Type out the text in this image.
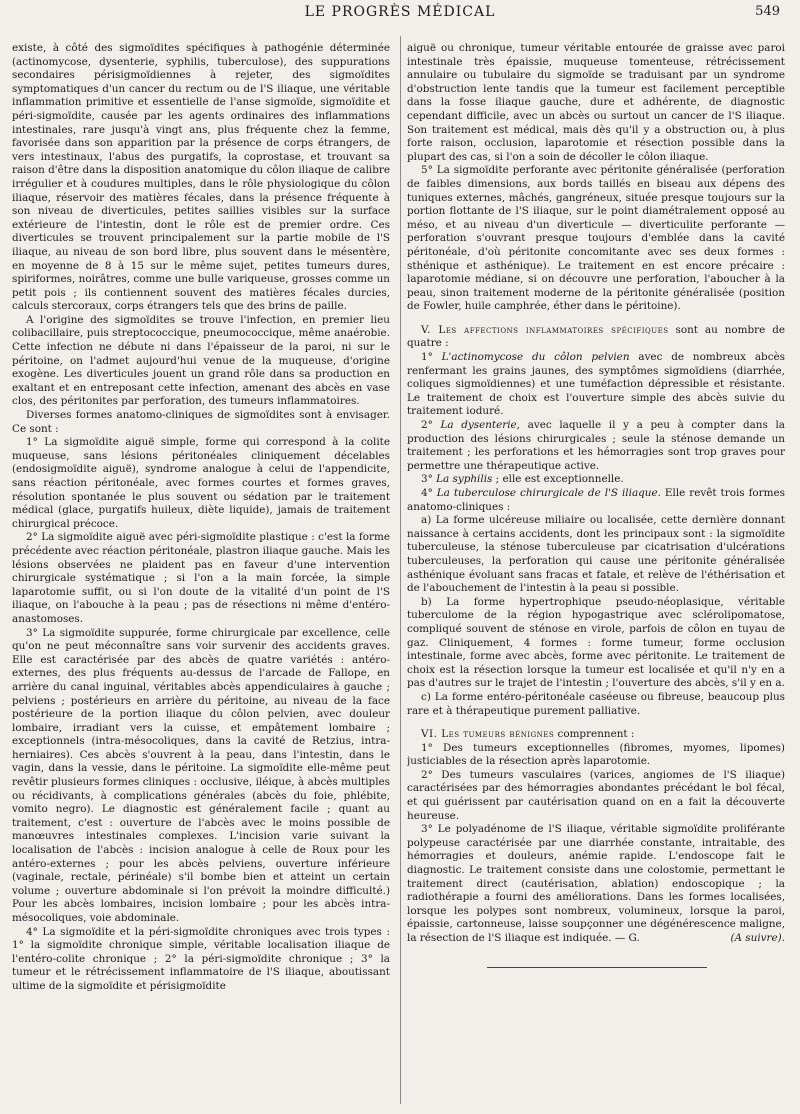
LE PROGRÈS MÉDICAL	549

existe, à côté des sigmoïdites spécifiques à pathogénie déterminée (actinomycose, dysenterie, syphilis, tuberculose), des suppurations secondaires périsigmoïdiennes à rejeter, des sigmoïdites symptomatiques d'un cancer du rectum ou de l'S iliaque, une véritable inflammation primitive et essentielle de l'anse sigmoïde, sigmoïdite et péri-sigmoïdite, causée par les agents ordinaires des inflammations intestinales, rare jusqu'à vingt ans, plus fréquente chez la femme, favorisée dans son apparition par la présence de corps étrangers, de vers intestinaux, l'abus des purgatifs, la coprostase, et trouvant sa raison d'être dans la disposition anatomique du côlon iliaque de calibre irrégulier et à coudures multiples, dans le rôle physiologique du côlon iliaque, réservoir des matières fécales, dans la présence fréquente à son niveau de diverticules, petites saillies visibles sur la surface extérieure de l'intestin, dont le rôle est de premier ordre. Ces diverticules se trouvent principalement sur la partie mobile de l'S iliaque, au niveau de son bord libre, plus souvent dans le mésentère, en moyenne de 8 à 15 sur le même sujet, petites tumeurs dures, spiriformes, noirâtres, comme une bulle variqueuse, grosses comme un petit pois ; ils contiennent souvent des matières fécales durcies, calculs stercoraux, corps étrangers tels que des brins de paille.

A l'origine des sigmoïdites se trouve l'infection, en premier lieu colibacillaire, puis streptococcique, pneumococcique, même anaérobie. Cette infection ne débute ni dans l'épaisseur de la paroi, ni sur le péritoine, on l'admet aujourd'hui venue de la muqueuse, d'origine exogène. Les diverticules jouent un grand rôle dans sa production en exaltant et en entreposant cette infection, amenant des abcès en vase clos, des péritonites par perforation, des tumeurs inflammatoires.

Diverses formes anatomo-cliniques de sigmoïdites sont à envisager. Ce sont :

1° La sigmoïdite aiguë simple, forme qui correspond à la colite muqueuse, sans lésions péritonéales cliniquement décelables (endosigmoïdite aiguë), syndrome analogue à celui de l'appendicite, sans réaction péritonéale, avec formes courtes et formes graves, résolution spontanée le plus souvent ou sédation par le traitement médical (glace, purgatifs huileux, diète liquide), jamais de traitement chirurgical précoce.

2° La sigmoïdite aiguë avec péri-sigmoïdite plastique : c'est la forme précédente avec réaction péritonéale, plastron iliaque gauche. Mais les lésions observées ne plaident pas en faveur d'une intervention chirurgicale systématique ; si l'on a la main forcée, la simple laparotomie suffit, ou si l'on doute de la vitalité d'un point de l'S iliaque, on l'abouche à la peau ; pas de résections ni même d'entéro-anastomoses.

3° La sigmoïdite suppurée, forme chirurgicale par excellence, celle qu'on ne peut méconnaître sans voir survenir des accidents graves. Elle est caractérisée par des abcès de quatre variétés : antéro-externes, des plus fréquents au-dessus de l'arcade de Fallope, en arrière du canal inguinal, véritables abcès appendiculaires à gauche ; pelviens ; postérieurs en arrière du péritoine, au niveau de la face postérieure de la portion iliaque du côlon pelvien, avec douleur lombaire, irradiant vers la cuisse, et empâtement lombaire ; exceptionnels (intra-mésocoliques, dans la cavité de Retzius, intra-herniaires). Ces abcès s'ouvrent à la peau, dans l'intestin, dans le vagin, dans la vessie, dans le péritoine. La sigmoïdite elle-même peut revêtir plusieurs formes cliniques : occlusive, iléique, à abcès multiples ou récidivants, à complications générales (abcès du foie, phlébite, vomito negro). Le diagnostic est généralement facile ; quant au traitement, c'est : ouverture de l'abcès avec le moins possible de manœuvres intestinales complexes. L'incision varie suivant la localisation de l'abcès : incision analogue à celle de Roux pour les antéro-externes ; pour les abcès pelviens, ouverture inférieure (vaginale, rectale, périnéale) s'il bombe bien et atteint un certain volume ; ouverture abdominale si l'on prévoit la moindre difficulté.) Pour les abcès lombaires, incision lombaire ; pour les abcès intra-mésocoliques, voie abdominale.

4° La sigmoïdite et la péri-sigmoïdite chroniques avec trois types : 1° la sigmoïdite chronique simple, véritable localisation iliaque de l'entéro-colite chronique ; 2° la péri-sigmoïdite chronique ; 3° la tumeur et le rétrécissement inflammatoire de l'S iliaque, aboutissant ultime de la sigmoïdite et périsigmoïdite

aiguë ou chronique, tumeur véritable entourée de graisse avec paroi intestinale très épaissie, muqueuse tomenteuse, rétrécissement annulaire ou tubulaire du sigmoïde se traduisant par un syndrome d'obstruction lente tandis que la tumeur est facilement perceptible dans la fosse iliaque gauche, dure et adhérente, de diagnostic cependant difficile, avec un abcès ou surtout un cancer de l'S iliaque. Son traitement est médical, mais dès qu'il y a obstruction ou, à plus forte raison, occlusion, laparotomie et résection possible dans la plupart des cas, si l'on a soin de décoller le côlon iliaque.

5° La sigmoïdite perforante avec péritonite généralisée (perforation de faibles dimensions, aux bords taillés en biseau aux dépens des tuniques externes, mâchés, gangréneux, située presque toujours sur la portion flottante de l'S iliaque, sur le point diamétralement opposé au méso, et au niveau d'un diverticule — diverticulite perforante — perforation s'ouvrant presque toujours d'emblée dans la cavité péritonéale, d'où péritonite concomitante avec ses deux formes : sthénique et asthénique). Le traitement en est encore précaire : laparotomie médiane, si on découvre une perforation, l'aboucher à la peau, sinon traitement moderne de la péritonite généralisée (position de Fowler, huile camphrée, éther dans le péritoine).

V. Les affections inflammatoires spécifiques sont au nombre de quatre :

1° L'actinomycose du côlon pelvien avec de nombreux abcès renfermant les grains jaunes, des symptômes sigmoïdiens (diarrhée, coliques sigmoïdiennes) et une tuméfaction dépressible et résistante. Le traitement de choix est l'ouverture simple des abcès suivie du traitement ioduré.

2° La dysenterie, avec laquelle il y a peu à compter dans la production des lésions chirurgicales ; seule la sténose demande un traitement ; les perforations et les hémorragies sont trop graves pour permettre une thérapeutique active.

3° La syphilis ; elle est exceptionnelle.

4° La tuberculose chirurgicale de l'S iliaque. Elle revêt trois formes anatomo-cliniques :

a) La forme ulcéreuse miliaire ou localisée, cette dernière donnant naissance à certains accidents, dont les principaux sont : la sigmoïdite tuberculeuse, la sténose tuberculeuse par cicatrisation d'ulcérations tuberculeuses, la perforation qui cause une péritonite généralisée asthénique évoluant sans fracas et fatale, et relève de l'éthérisation et de l'abouchement de l'intestin à la peau si possible.

b) La forme hypertrophique pseudo-néoplasique, véritable tuberculome de la région hypogastrique avec sclérolipomatose, compliqué souvent de sténose en virole, parfois de côlon en tuyau de gaz. Cliniquement, 4 formes : forme tumeur, forme occlusion intestinale, forme avec abcès, forme avec péritonite. Le traitement de choix est la résection lorsque la tumeur est localisée et qu'il n'y en a pas d'autres sur le trajet de l'intestin ; l'ouverture des abcès, s'il y en a.

c) La forme entéro-péritonéale caséeuse ou fibreuse, beaucoup plus rare et à thérapeutique purement palliative.

VI. Les tumeurs bénignes comprennent :

1° Des tumeurs exceptionnelles (fibromes, myomes, lipomes) justiciables de la résection après laparotomie.

2° Des tumeurs vasculaires (varices, angiomes de l'S iliaque) caractérisées par des hémorragies abondantes précédant le bol fécal, et qui guérissent par cautérisation quand on en a fait la découverte heureuse.

3° Le polyadénome de l'S iliaque, véritable sigmoïdite proliférante polypeuse caractérisée par une diarrhée constante, intraitable, des hémorragies et douleurs, anémie rapide. L'endoscope fait le diagnostic. Le traitement consiste dans une colostomie, permettant le traitement direct (cautérisation, ablation) endoscopique ; la radiothérapie a fourni des améliorations. Dans les formes localisées, lorsque les polypes sont nombreux, volumineux, lorsque la paroi, épaissie, cartonneuse, laisse soupçonner une dégénérescence maligne, la résection de l'S iliaque est indiquée. — G.	(A suivre).
